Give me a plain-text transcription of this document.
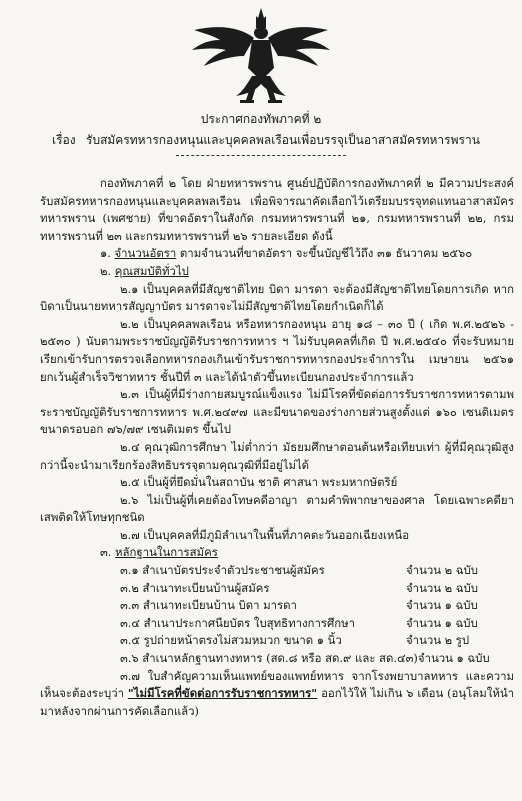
ประกาศกองทัพภาคที่ ๒
เรื่อง รับสมัครทหารกองหนุนและบุคคลพลเรือนเพื่อบรรจุเป็นอาสาสมัครทหารพราน

กองทัพภาคที่ ๒ โดย ฝ่ายทหารพราน ศูนย์ปฏิบัติการกองทัพภาคที่ ๒ มีความประสงค์รับสมัครทหารกองหนุนและบุคคลพลเรือน เพื่อพิจารณาคัดเลือกไว้เตรียมบรรจุทดแทนอาสาสมัครทหารพราน (เพศชาย) ที่ขาดอัตราในสังกัด กรมทหารพรานที่ ๒๑, กรมทหารพรานที่ ๒๒, กรมทหารพรานที่ ๒๓ และกรมทหารพรานที่ ๒๖ รายละเอียด ดังนี้

๑. จำนวนอัตรา ตามจำนวนที่ขาดอัตรา จะขึ้นบัญชีไว้ถึง ๓๑ ธันวาคม ๒๕๖๐

๒. คุณสมบัติทั่วไป

๒.๑ เป็นบุคคลที่มีสัญชาติไทย บิดา มารดา จะต้องมีสัญชาติไทยโดยการเกิด หากบิดาเป็นนายทหารสัญญาบัตร มารดาจะไม่มีสัญชาติไทยโดยกำเนิดก็ได้

๒.๒ เป็นบุคคลพลเรือน หรือทหารกองหนุน อายุ ๑๘ – ๓๐ ปี ( เกิด พ.ศ.๒๕๒๖ - ๒๕๓๐ ) นับตามพระราชบัญญัติรับราชการทหาร ฯ ไม่รับบุคคลที่เกิด ปี พ.ศ.๒๕๔๐ ที่จะรับหมายเรียกเข้ารับการตรวจเลือกทหารกองเกินเข้ารับราชการทหารกองประจำการใน เมษายน ๒๕๖๑ ยกเว้นผู้สำเร็จวิชาทหาร ชั้นปีที่ ๓ และได้นำตัวขึ้นทะเบียนกองประจำการแล้ว

๒.๓ เป็นผู้ที่มีร่างกายสมบูรณ์แข็งแรง ไม่มีโรคที่ขัดต่อการรับราชการทหารตามพระราชบัญญัติรับราชการทหาร พ.ศ.๒๔๙๗ และมีขนาดของร่างกายส่วนสูงตั้งแต่ ๑๖๐ เซนติเมตร ขนาดรอบอก ๗๖/๗๙ เซนติเมตร ขึ้นไป

๒.๔ คุณวุฒิการศึกษา ไม่ต่ำกว่า มัธยมศึกษาตอนต้นหรือเทียบเท่า ผู้ที่มีคุณวุฒิสูงกว่านี้จะนำมาเรียกร้องสิทธิบรรจุตามคุณวุฒิที่มีอยู่ไม่ได้

๒.๕ เป็นผู้ที่ยึดมั่นในสถาบัน ชาติ ศาสนา พระมหากษัตริย์

๒.๖ ไม่เป็นผู้ที่เคยต้องโทษคดีอาญา ตามคำพิพากษาของศาล โดยเฉพาะคดียาเสพติดให้โทษทุกชนิด

๒.๗ เป็นบุคคลที่มีภูมิลำเนาในพื้นที่ภาคตะวันออกเฉียงเหนือ

๓. หลักฐานในการสมัคร

๓.๑ สำเนาบัตรประจำตัวประชาชนผู้สมัคร	จำนวน ๒ ฉบับ
๓.๒ สำเนาทะเบียนบ้านผู้สมัคร	จำนวน ๒ ฉบับ
๓.๓ สำเนาทะเบียนบ้าน บิดา มารดา	จำนวน ๑ ฉบับ
๓.๔ สำเนาประกาศนียบัตร ใบสุทธิทางการศึกษา	จำนวน ๑ ฉบับ
๓.๕ รูปถ่ายหน้าตรงไม่สวมหมวก ขนาด ๑ นิ้ว	จำนวน ๒ รูป
๓.๖ สำเนาหลักฐานทางทหาร (สด.๘ หรือ สด.๙ และ สด.๔๓) จำนวน ๑ ฉบับ

๓.๗ ใบสำคัญความเห็นแพทย์ของแพทย์ทหาร จากโรงพยาบาลทหาร และความเห็นจะต้องระบุว่า "ไม่มีโรคที่ขัดต่อการรับราชการทหาร" ออกไว้ให้ ไม่เกิน ๖ เดือน (อนุโลมให้นำมาหลังจากผ่านการคัดเลือกแล้ว)
